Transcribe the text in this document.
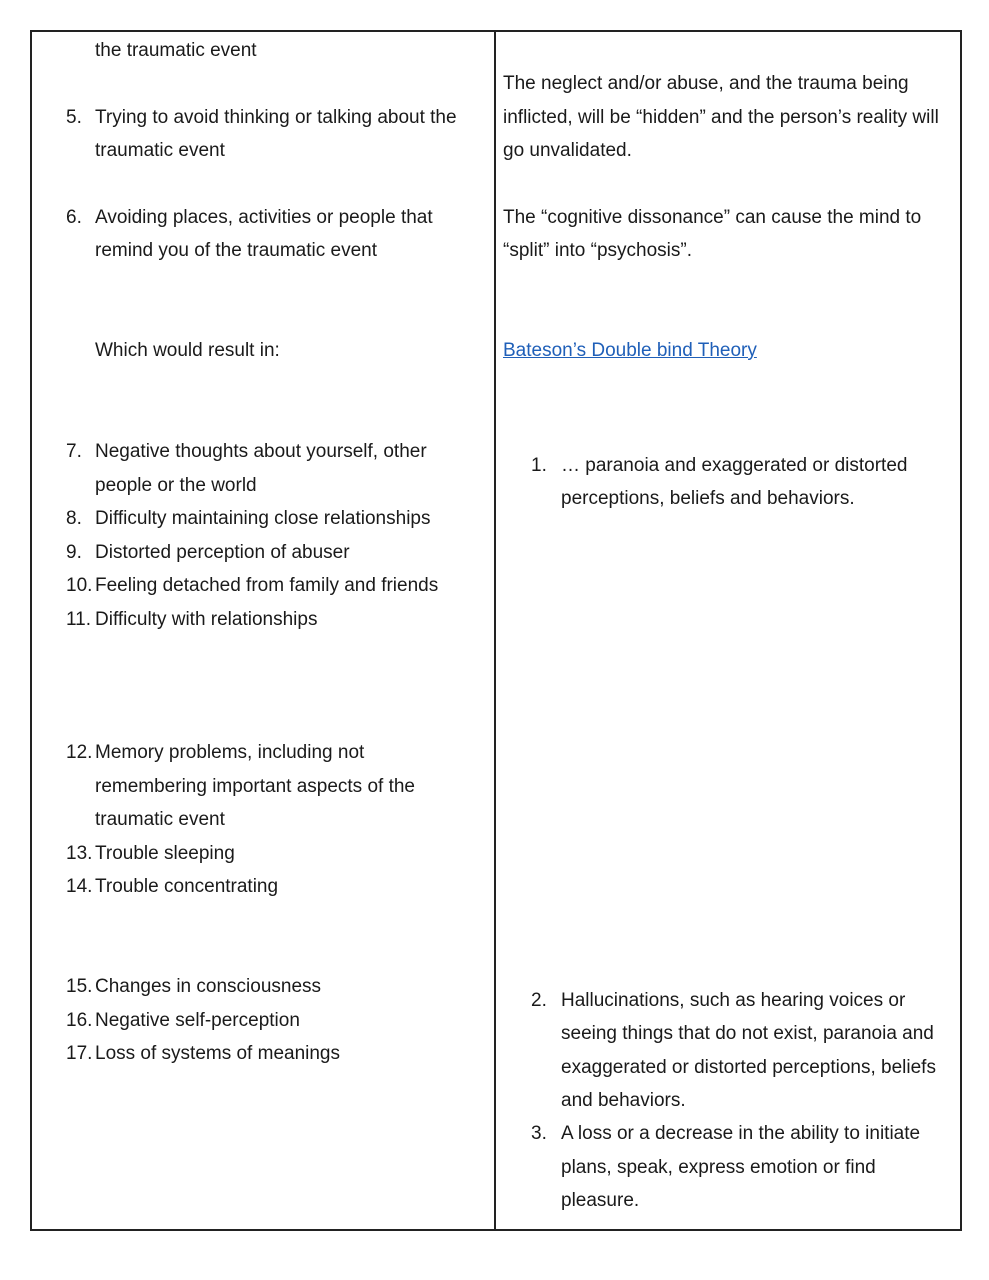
the traumatic event
5. Trying to avoid thinking or talking about the
traumatic event
6. Avoiding places, activities or people that
remind you of the traumatic event
Which would result in:
7. Negative thoughts about yourself, other
people or the world
8. Difficulty maintaining close relationships
9. Distorted perception of abuser
10. Feeling detached from family and friends
11. Difficulty with relationships
12. Memory problems, including not
remembering important aspects of the
traumatic event
13. Trouble sleeping
14. Trouble concentrating
15. Changes in consciousness
16. Negative self-perception
17. Loss of systems of meanings
The neglect and/or abuse, and the trauma being
inflicted, will be “hidden” and the person’s reality will
go unvalidated.
The “cognitive dissonance” can cause the mind to
“split” into “psychosis”.
Bateson’s Double bind Theory
1. … paranoia and exaggerated or distorted
perceptions, beliefs and behaviors.
2. Hallucinations, such as hearing voices or
seeing things that do not exist, paranoia and
exaggerated or distorted perceptions, beliefs
and behaviors.
3. A loss or a decrease in the ability to initiate
plans, speak, express emotion or find
pleasure.
